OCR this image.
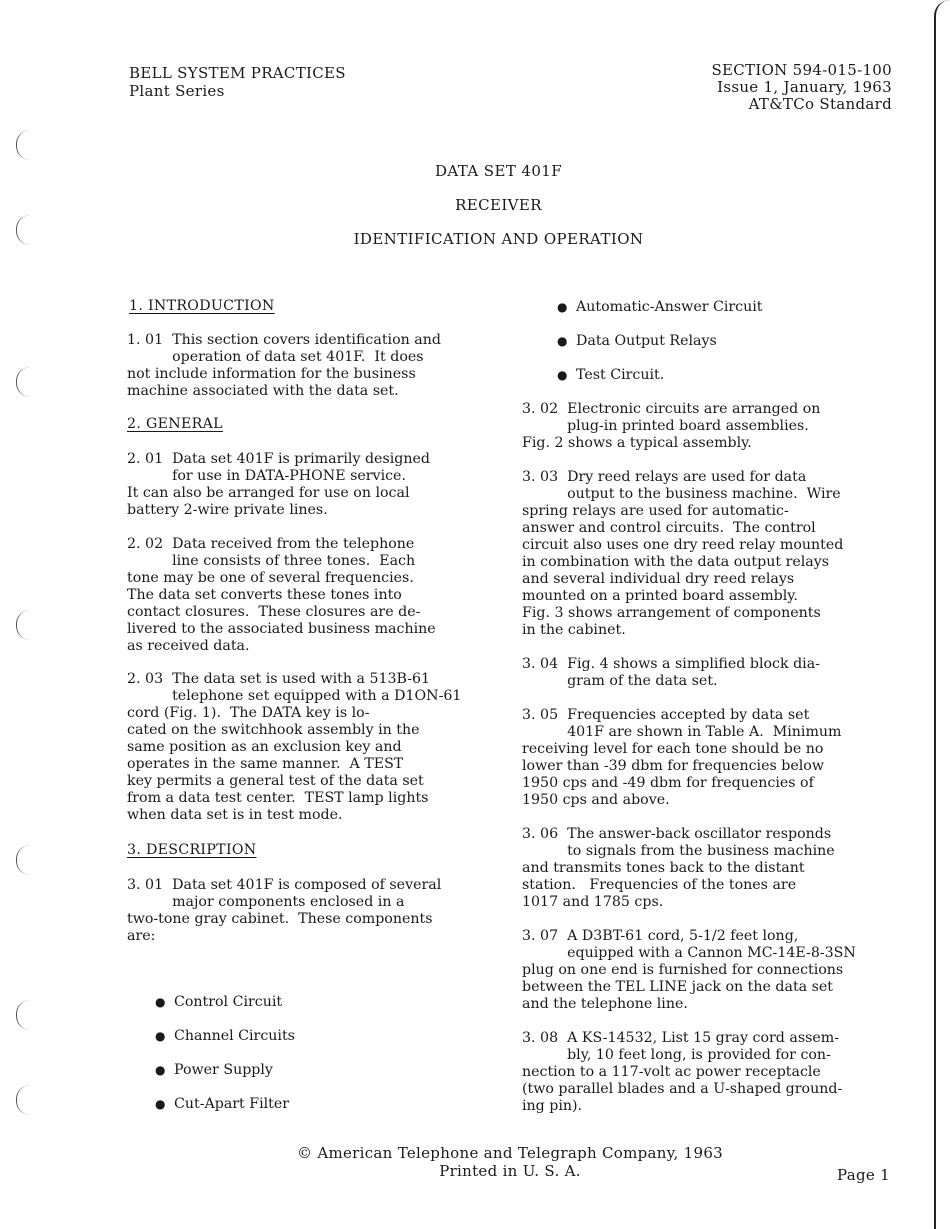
BELL SYSTEM PRACTICES
Plant Series
SECTION 594-015-100
Issue 1, January, 1963
AT&TCo Standard
DATA SET 401F
RECEIVER
IDENTIFICATION AND OPERATION
1. INTRODUCTION
1. 01  This section covers identification and
operation of data set 401F.  It does
not include information for the business
machine associated with the data set.
2. GENERAL
2. 01  Data set 401F is primarily designed
for use in DATA-PHONE service.
It can also be arranged for use on local
battery 2-wire private lines.
2. 02  Data received from the telephone
line consists of three tones.  Each
tone may be one of several frequencies.
The data set converts these tones into
contact closures.  These closures are de-
livered to the associated business machine
as received data.
2. 03  The data set is used with a 513B-61
telephone set equipped with a D1ON-61
cord (Fig. 1).  The DATA key is lo-
cated on the switchhook assembly in the
same position as an exclusion key and
operates in the same manner.  A TEST
key permits a general test of the data set
from a data test center.  TEST lamp lights
when data set is in test mode.
3. DESCRIPTION
3. 01  Data set 401F is composed of several
major components enclosed in a
two-tone gray cabinet.  These components
are:
● Control Circuit
● Channel Circuits
● Power Supply
● Cut-Apart Filter
● Automatic-Answer Circuit
● Data Output Relays
● Test Circuit.
3. 02  Electronic circuits are arranged on
plug-in printed board assemblies.
Fig. 2 shows a typical assembly.
3. 03  Dry reed relays are used for data
output to the business machine.  Wire
spring relays are used for automatic-
answer and control circuits.  The control
circuit also uses one dry reed relay mounted
in combination with the data output relays
and several individual dry reed relays
mounted on a printed board assembly.
Fig. 3 shows arrangement of components
in the cabinet.
3. 04  Fig. 4 shows a simplified block dia-
gram of the data set.
3. 05  Frequencies accepted by data set
401F are shown in Table A.  Minimum
receiving level for each tone should be no
lower than -39 dbm for frequencies below
1950 cps and -49 dbm for frequencies of
1950 cps and above.
3. 06  The answer-back oscillator responds
to signals from the business machine
and transmits tones back to the distant
station.   Frequencies of the tones are
1017 and 1785 cps.
3. 07  A D3BT-61 cord, 5-1/2 feet long,
equipped with a Cannon MC-14E-8-3SN
plug on one end is furnished for connections
between the TEL LINE jack on the data set
and the telephone line.
3. 08  A KS-14532, List 15 gray cord assem-
bly, 10 feet long, is provided for con-
nection to a 117-volt ac power receptacle
(two parallel blades and a U-shaped ground-
ing pin).
© American Telephone and Telegraph Company, 1963
Printed in U. S. A.	Page 1
